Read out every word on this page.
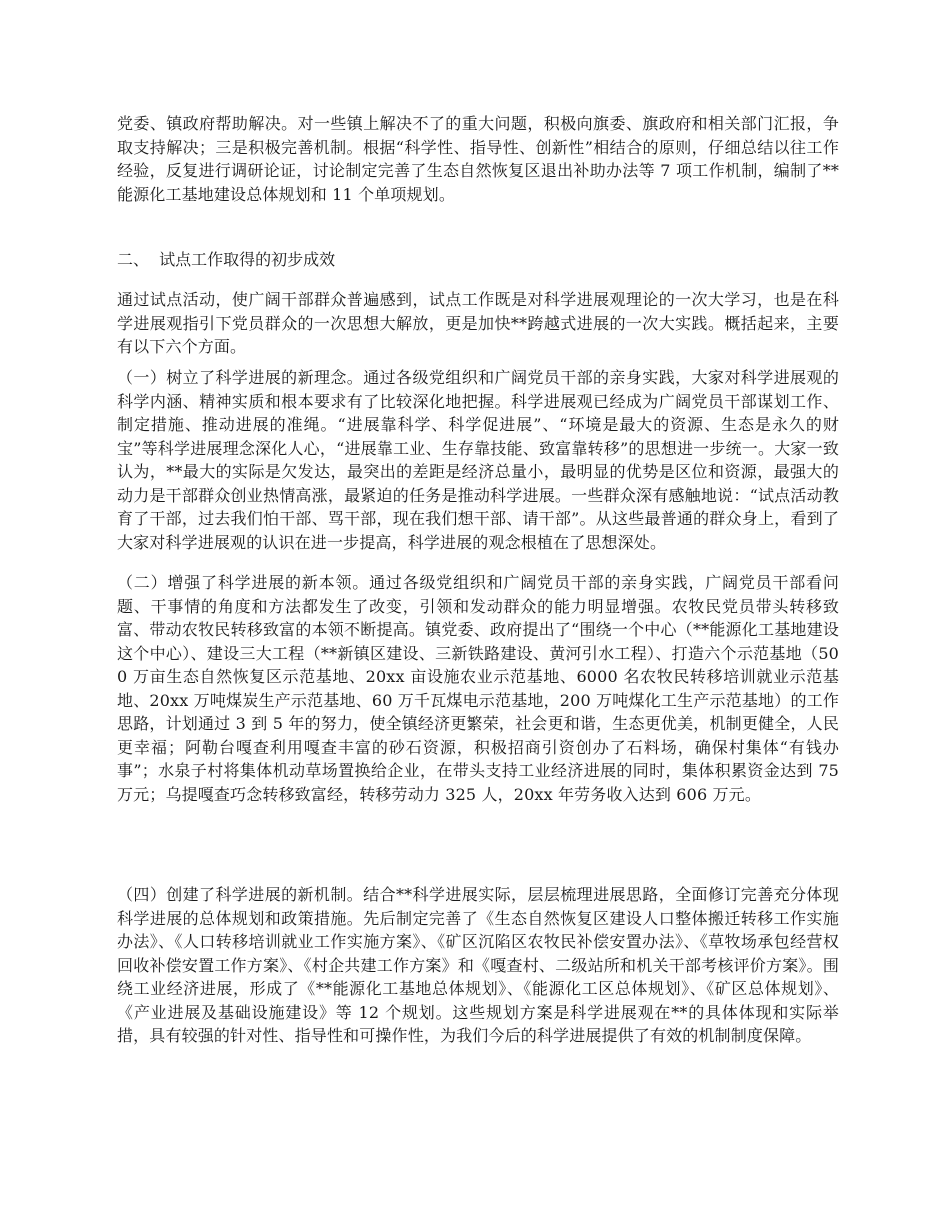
党委、镇政府帮助解决。对一些镇上解决不了的重大问题，积极向旗委、旗政府和相关部门汇报，争取支持解决；三是积极完善机制。根据“科学性、指导性、创新性”相结合的原则，仔细总结以往工作经验，反复进行调研论证，讨论制定完善了生态自然恢复区退出补助办法等 7 项工作机制，编制了**能源化工基地建设总体规划和 11 个单项规划。

二、  试点工作取得的初步成效

通过试点活动，使广阔干部群众普遍感到，试点工作既是对科学进展观理论的一次大学习，也是在科学进展观指引下党员群众的一次思想大解放，更是加快**跨越式进展的一次大实践。概括起来，主要有以下六个方面。

（一）树立了科学进展的新理念。通过各级党组织和广阔党员干部的亲身实践，大家对科学进展观的科学内涵、精神实质和根本要求有了比较深化地把握。科学进展观已经成为广阔党员干部谋划工作、制定措施、推动进展的准绳。“进展靠科学、科学促进展”、“环境是最大的资源、生态是永久的财宝”等科学进展理念深化人心，“进展靠工业、生存靠技能、致富靠转移”的思想进一步统一。大家一致认为，**最大的实际是欠发达，最突出的差距是经济总量小，最明显的优势是区位和资源，最强大的动力是干部群众创业热情高涨，最紧迫的任务是推动科学进展。一些群众深有感触地说：“试点活动教育了干部，过去我们怕干部、骂干部，现在我们想干部、请干部”。从这些最普通的群众身上，看到了大家对科学进展观的认识在进一步提高，科学进展的观念根植在了思想深处。

（二）增强了科学进展的新本领。通过各级党组织和广阔党员干部的亲身实践，广阔党员干部看问题、干事情的角度和方法都发生了改变，引领和发动群众的能力明显增强。农牧民党员带头转移致富、带动农牧民转移致富的本领不断提高。镇党委、政府提出了“围绕一个中心（**能源化工基地建设这个中心）、建设三大工程（**新镇区建设、三新铁路建设、黄河引水工程）、打造六个示范基地（500 万亩生态自然恢复区示范基地、20xx 亩设施农业示范基地、6000 名农牧民转移培训就业示范基地、20xx 万吨煤炭生产示范基地、60 万千瓦煤电示范基地，200 万吨煤化工生产示范基地）的工作思路，计划通过 3 到 5 年的努力，使全镇经济更繁荣，社会更和谐，生态更优美，机制更健全，人民更幸福；阿勒台嘎查利用嘎查丰富的砂石资源，积极招商引资创办了石料场，确保村集体“有钱办事”；水泉子村将集体机动草场置换给企业，在带头支持工业经济进展的同时，集体积累资金达到 75 万元；乌提嘎查巧念转移致富经，转移劳动力 325 人，20xx 年劳务收入达到 606 万元。

（四）创建了科学进展的新机制。结合**科学进展实际，层层梳理进展思路，全面修订完善充分体现科学进展的总体规划和政策措施。先后制定完善了《生态自然恢复区建设人口整体搬迁转移工作实施办法》、《人口转移培训就业工作实施方案》、《矿区沉陷区农牧民补偿安置办法》、《草牧场承包经营权回收补偿安置工作方案》、《村企共建工作方案》和《嘎查村、二级站所和机关干部考核评价方案》。围绕工业经济进展，形成了《**能源化工基地总体规划》、《能源化工区总体规划》、《矿区总体规划》、《产业进展及基础设施建设》等 12 个规划。这些规划方案是科学进展观在**的具体体现和实际举措，具有较强的针对性、指导性和可操作性，为我们今后的科学进展提供了有效的机制制度保障。
